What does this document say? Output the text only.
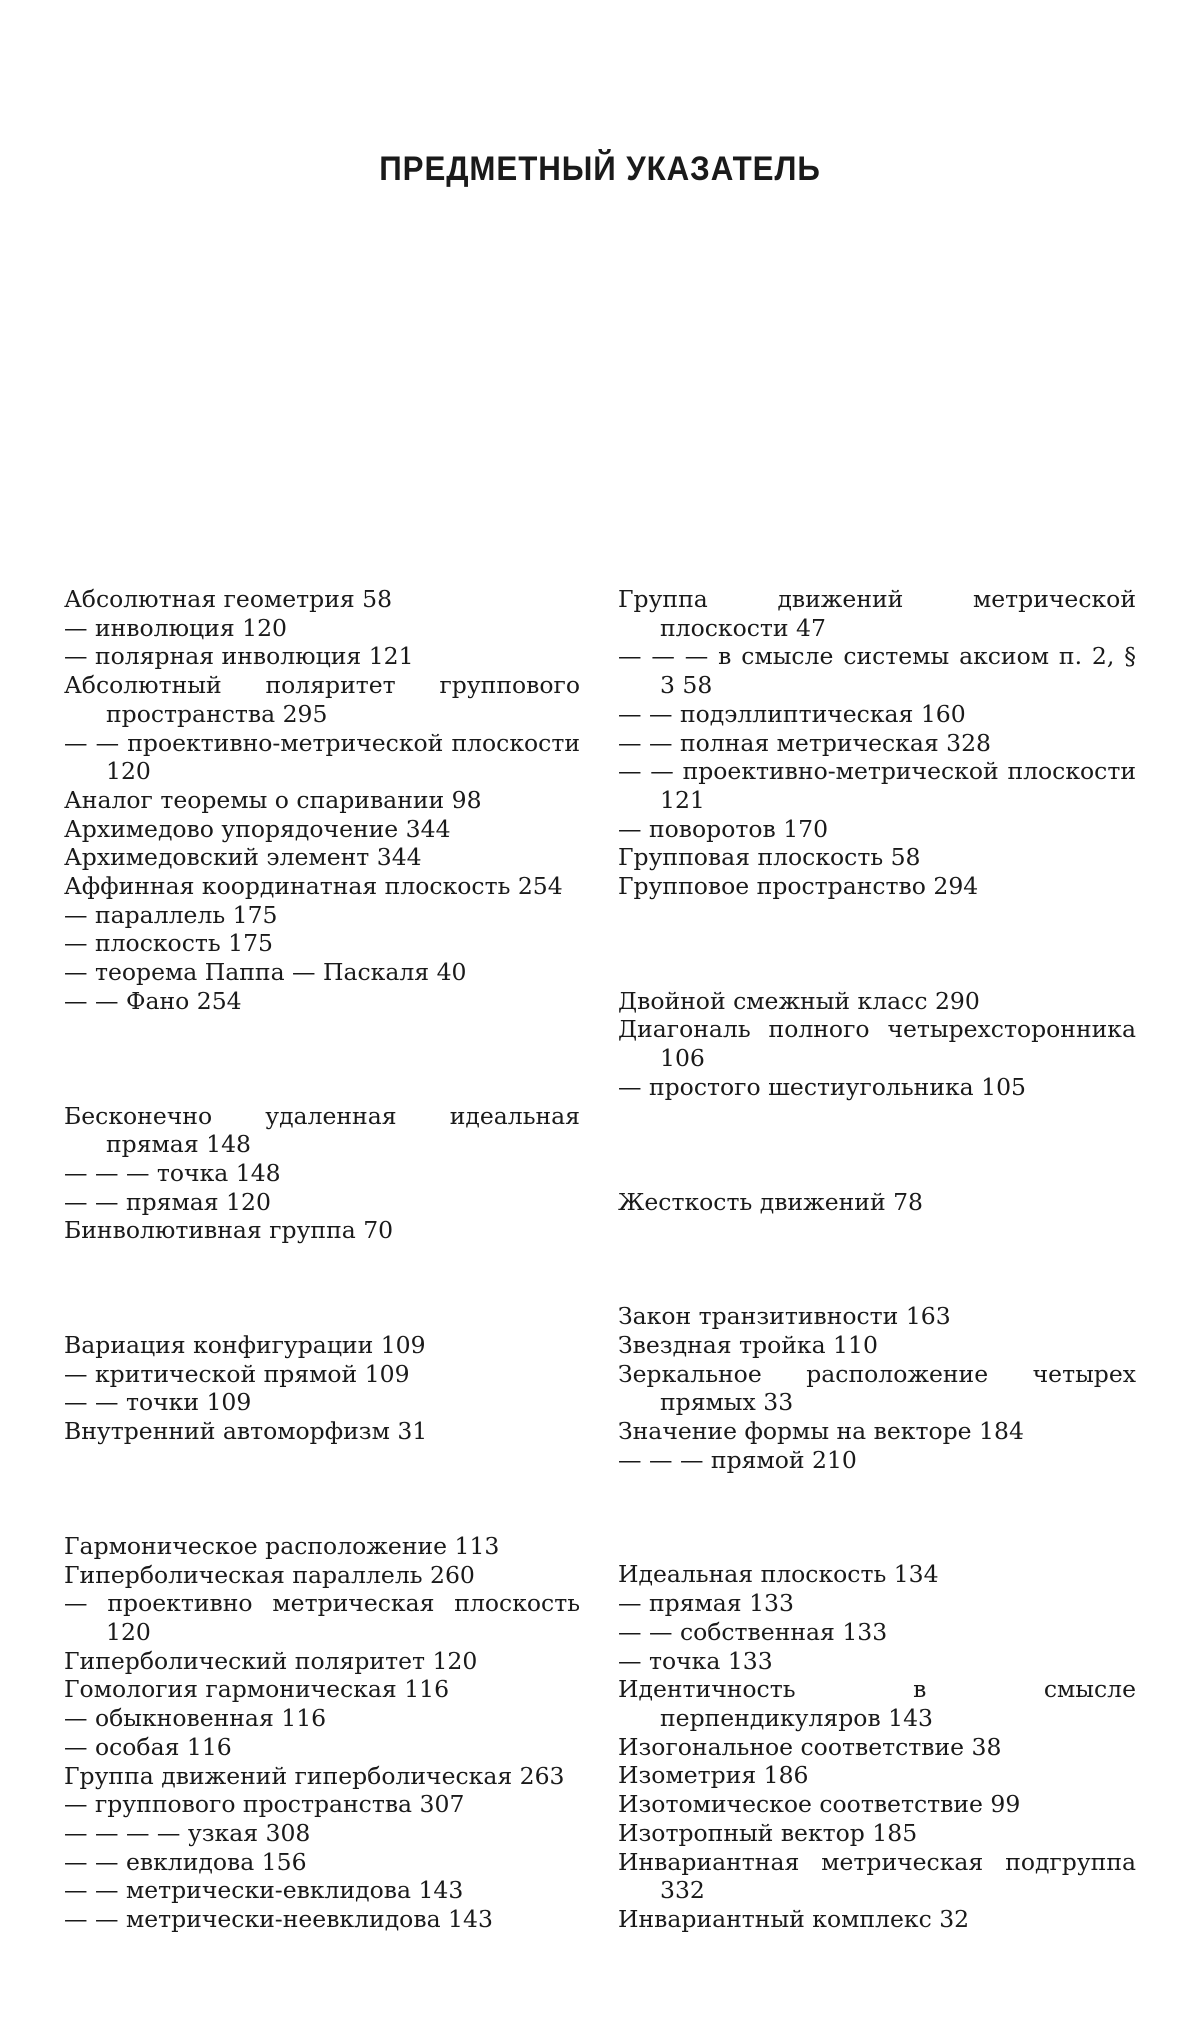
ПРЕДМЕТНЫЙ УКАЗАТЕЛЬ
Абсолютная геометрия 58
— инволюция 120
— полярная инволюция 121
Абсолютный поляритет группового пространства 295
— — проективно-метрической плоскости 120
Аналог теоремы о спаривании 98
Архимедово упорядочение 344
Архимедовский элемент 344
Аффинная координатная плоскость 254
— параллель 175
— плоскость 175
— теорема Паппа — Паскаля 40
— — Фано 254
Бесконечно удаленная идеальная прямая 148
— — — точка 148
— — прямая 120
Бинволютивная группа 70
Вариация конфигурации 109
— критической прямой 109
— — точки 109
Внутренний автоморфизм 31
Гармоническое расположение 113
Гиперболическая параллель 260
— проективно метрическая плоскость 120
Гиперболический поляритет 120
Гомология гармоническая 116
— обыкновенная 116
— особая 116
Группа движений гиперболическая 263
— группового пространства 307
— — — — узкая 308
— — евклидова 156
— — метрически-евклидова 143
— — метрически-неевклидова 143
Группа движений метрической плоскости 47
— — — в смысле системы аксиом п. 2, § 3 58
— — подэллиптическая 160
— — полная метрическая 328
— — проективно-метрической плоскости 121
— поворотов 170
Групповая плоскость 58
Групповое пространство 294
Двойной смежный класс 290
Диагональ полного четырехсторонника 106
— простого шестиугольника 105
Жесткость движений 78
Закон транзитивности 163
Звездная тройка 110
Зеркальное расположение четырех прямых 33
Значение формы на векторе 184
— — — прямой 210
Идеальная плоскость 134
— прямая 133
— — собственная 133
— точка 133
Идентичность в смысле перпендикуляров 143
Изогональное соответствие 38
Изометрия 186
Изотомическое соответствие 99
Изотропный вектор 185
Инвариантная метрическая подгруппа 332
Инвариантный комплекс 32
